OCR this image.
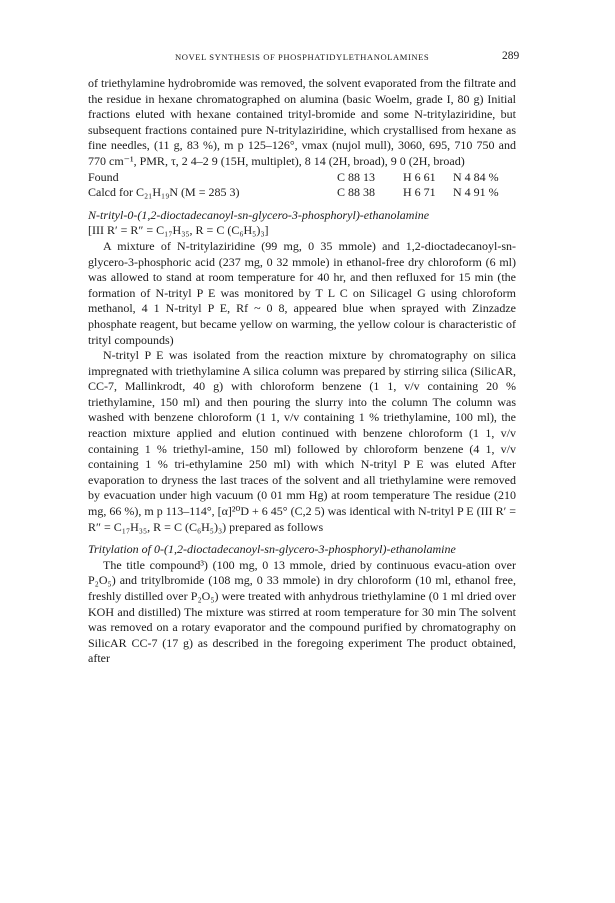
NOVEL SYNTHESIS OF PHOSPHATIDYLETHANOLAMINES	289

of triethylamine hydrobromide was removed, the solvent evaporated from the filtrate and the residue in hexane chromatographed on alumina (basic Woelm, grade I, 80 g) Initial fractions eluted with hexane contained trityl-bromide and some N-tritylaziridine, but subsequent fractions contained pure N-tritylaziridine, which crystallised from hexane as fine needles, (11 g, 83 %), m p 125–126°, νmax (nujol mull), 3060, 695, 710 750 and 770 cm⁻¹, PMR, τ, 2 4–2 9 (15H, multiplet), 8 14 (2H, broad), 9 0 (2H, broad)

Found	C 88 13	H 6 61	N 4 84 %
Calcd for C₂₁H₁₉N (M = 285 3)	C 88 38	H 6 71	N 4 91 %

N-trityl-0-(1,2-dioctadecanoyl-sn-glycero-3-phosphoryl)-ethanolamine

[III R′ = R″ = C₁₇H₃₅, R = C (C₆H₅)₃]

A mixture of N-tritylaziridine (99 mg, 0 35 mmole) and 1,2-dioctadecanoyl-sn-glycero-3-phosphoric acid (237 mg, 0 32 mmole) in ethanol-free dry chloroform (6 ml) was allowed to stand at room temperature for 40 hr, and then refluxed for 15 min (the formation of N-trityl P E was monitored by T L C on Silicagel G using chloroform methanol, 4 1 N-trityl P E, Rf ~ 0 8, appeared blue when sprayed with Zinzadze phosphate reagent, but became yellow on warming, the yellow colour is characteristic of trityl compounds)

N-trityl P E was isolated from the reaction mixture by chromatography on silica impregnated with triethylamine A silica column was prepared by stirring silica (SilicAR, CC-7, Mallinkrodt, 40 g) with chloroform benzene (1 1, v/v containing 20 % triethylamine, 150 ml) and then pouring the slurry into the column The column was washed with benzene chloroform (1 1, v/v containing 1 % triethylamine, 100 ml), the reaction mixture applied and elution continued with benzene chloroform (1 1, v/v containing 1 % triethyl-amine, 150 ml) followed by chloroform benzene (4 1, v/v containing 1 % tri-ethylamine 250 ml) with which N-trityl P E was eluted After evaporation to dryness the last traces of the solvent and all triethylamine were removed by evacuation under high vacuum (0 01 mm Hg) at room temperature The residue (210 mg, 66 %), m p 113–114°, [α]²⁰D + 6 45° (C,2 5) was identical with N-trityl P E (III R′ = R″ = C₁₇H₃₅, R = C (C₆H₅)₃) prepared as follows

Tritylation of 0-(1,2-dioctadecanoyl-sn-glycero-3-phosphoryl)-ethanolamine

The title compound³) (100 mg, 0 13 mmole, dried by continuous evacu-ation over P₂O₅) and tritylbromide (108 mg, 0 33 mmole) in dry chloroform (10 ml, ethanol free, freshly distilled over P₂O₅) were treated with anhydrous triethylamine (0 1 ml dried over KOH and distilled) The mixture was stirred at room temperature for 30 min The solvent was removed on a rotary evaporator and the compound purified by chromatography on SilicAR CC-7 (17 g) as described in the foregoing experiment The product obtained, after
